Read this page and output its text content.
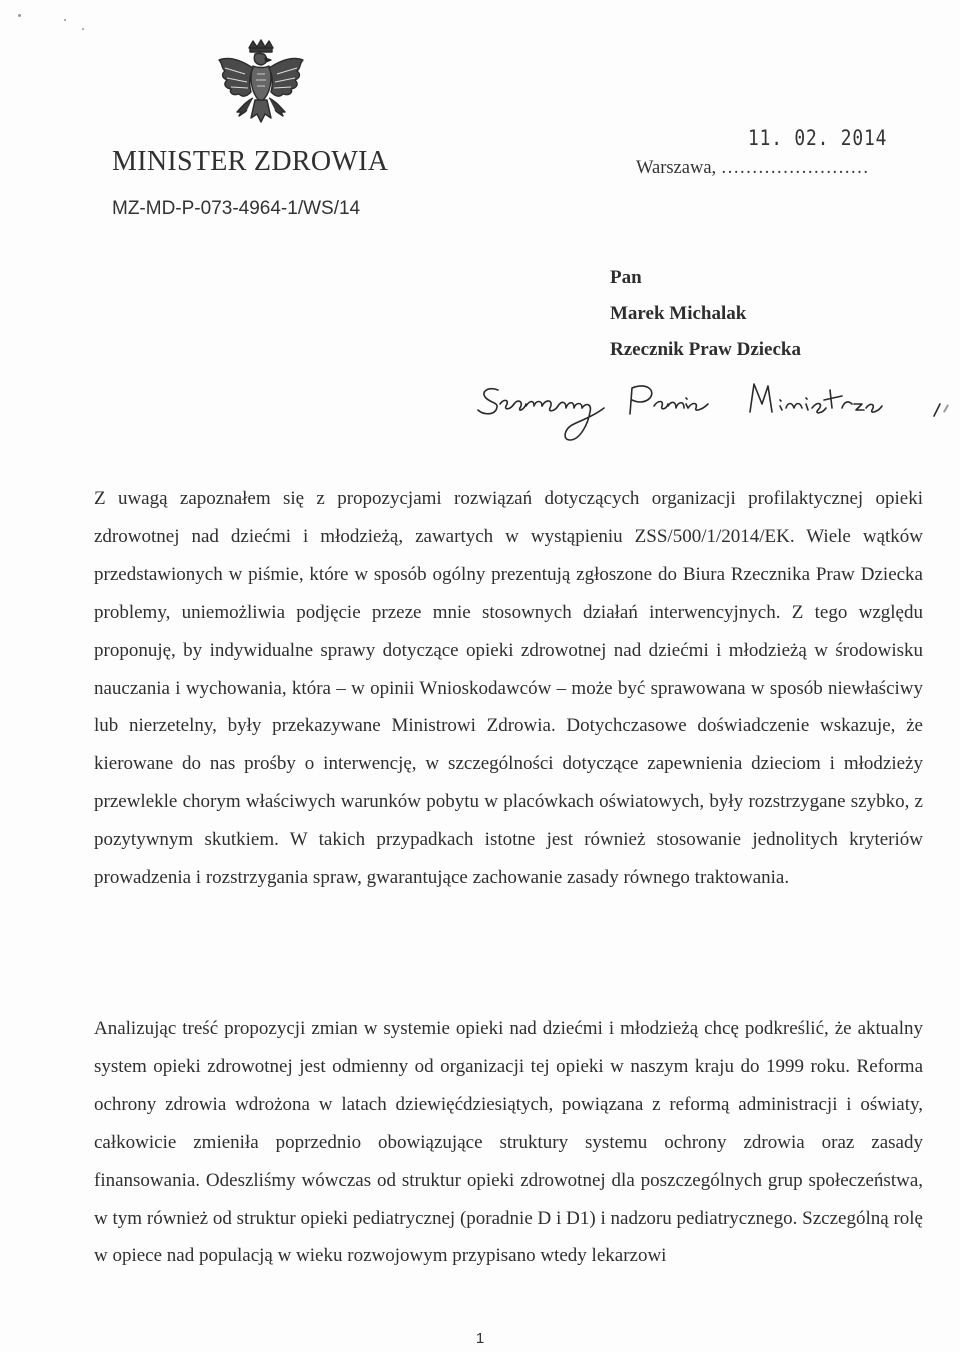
MINISTER ZDROWIA
MZ-MD-P-073-4964-1/WS/14
11. 02. 2014
Warszawa, ……………………
Pan
Marek Michalak
Rzecznik Praw Dziecka

Z uwagą zapoznałem się z propozycjami rozwiązań dotyczących organizacji profilaktycznej opieki zdrowotnej nad dziećmi i młodzieżą, zawartych w wystąpieniu ZSS/500/1/2014/EK. Wiele wątków przedstawionych w piśmie, które w sposób ogólny prezentują zgłoszone do Biura Rzecznika Praw Dziecka problemy, uniemożliwia podjęcie przeze mnie stosownych działań interwencyjnych. Z tego względu proponuję, by indywidualne sprawy dotyczące opieki zdrowotnej nad dziećmi i młodzieżą w środowisku nauczania i wychowania, która – w opinii Wnioskodawców – może być sprawowana w sposób niewłaściwy lub nierzetelny, były przekazywane Ministrowi Zdrowia. Dotychczasowe doświadczenie wskazuje, że kierowane do nas prośby o interwencję, w szczególności dotyczące zapewnienia dzieciom i młodzieży przewlekle chorym właściwych warunków pobytu w placówkach oświatowych, były rozstrzygane szybko, z pozytywnym skutkiem. W takich przypadkach istotne jest również stosowanie jednolitych kryteriów prowadzenia i rozstrzygania spraw, gwarantujące zachowanie zasady równego traktowania.

Analizując treść propozycji zmian w systemie opieki nad dziećmi i młodzieżą chcę podkreślić, że aktualny system opieki zdrowotnej jest odmienny od organizacji tej opieki w naszym kraju do 1999 roku. Reforma ochrony zdrowia wdrożona w latach dziewięćdziesiątych, powiązana z reformą administracji i oświaty, całkowicie zmieniła poprzednio obowiązujące struktury systemu ochrony zdrowia oraz zasady finansowania. Odeszliśmy wówczas od struktur opieki zdrowotnej dla poszczególnych grup społeczeństwa, w tym również od struktur opieki pediatrycznej (poradnie D i D1) i nadzoru pediatrycznego. Szczególną rolę w opiece nad populacją w wieku rozwojowym przypisano wtedy lekarzowi

1
